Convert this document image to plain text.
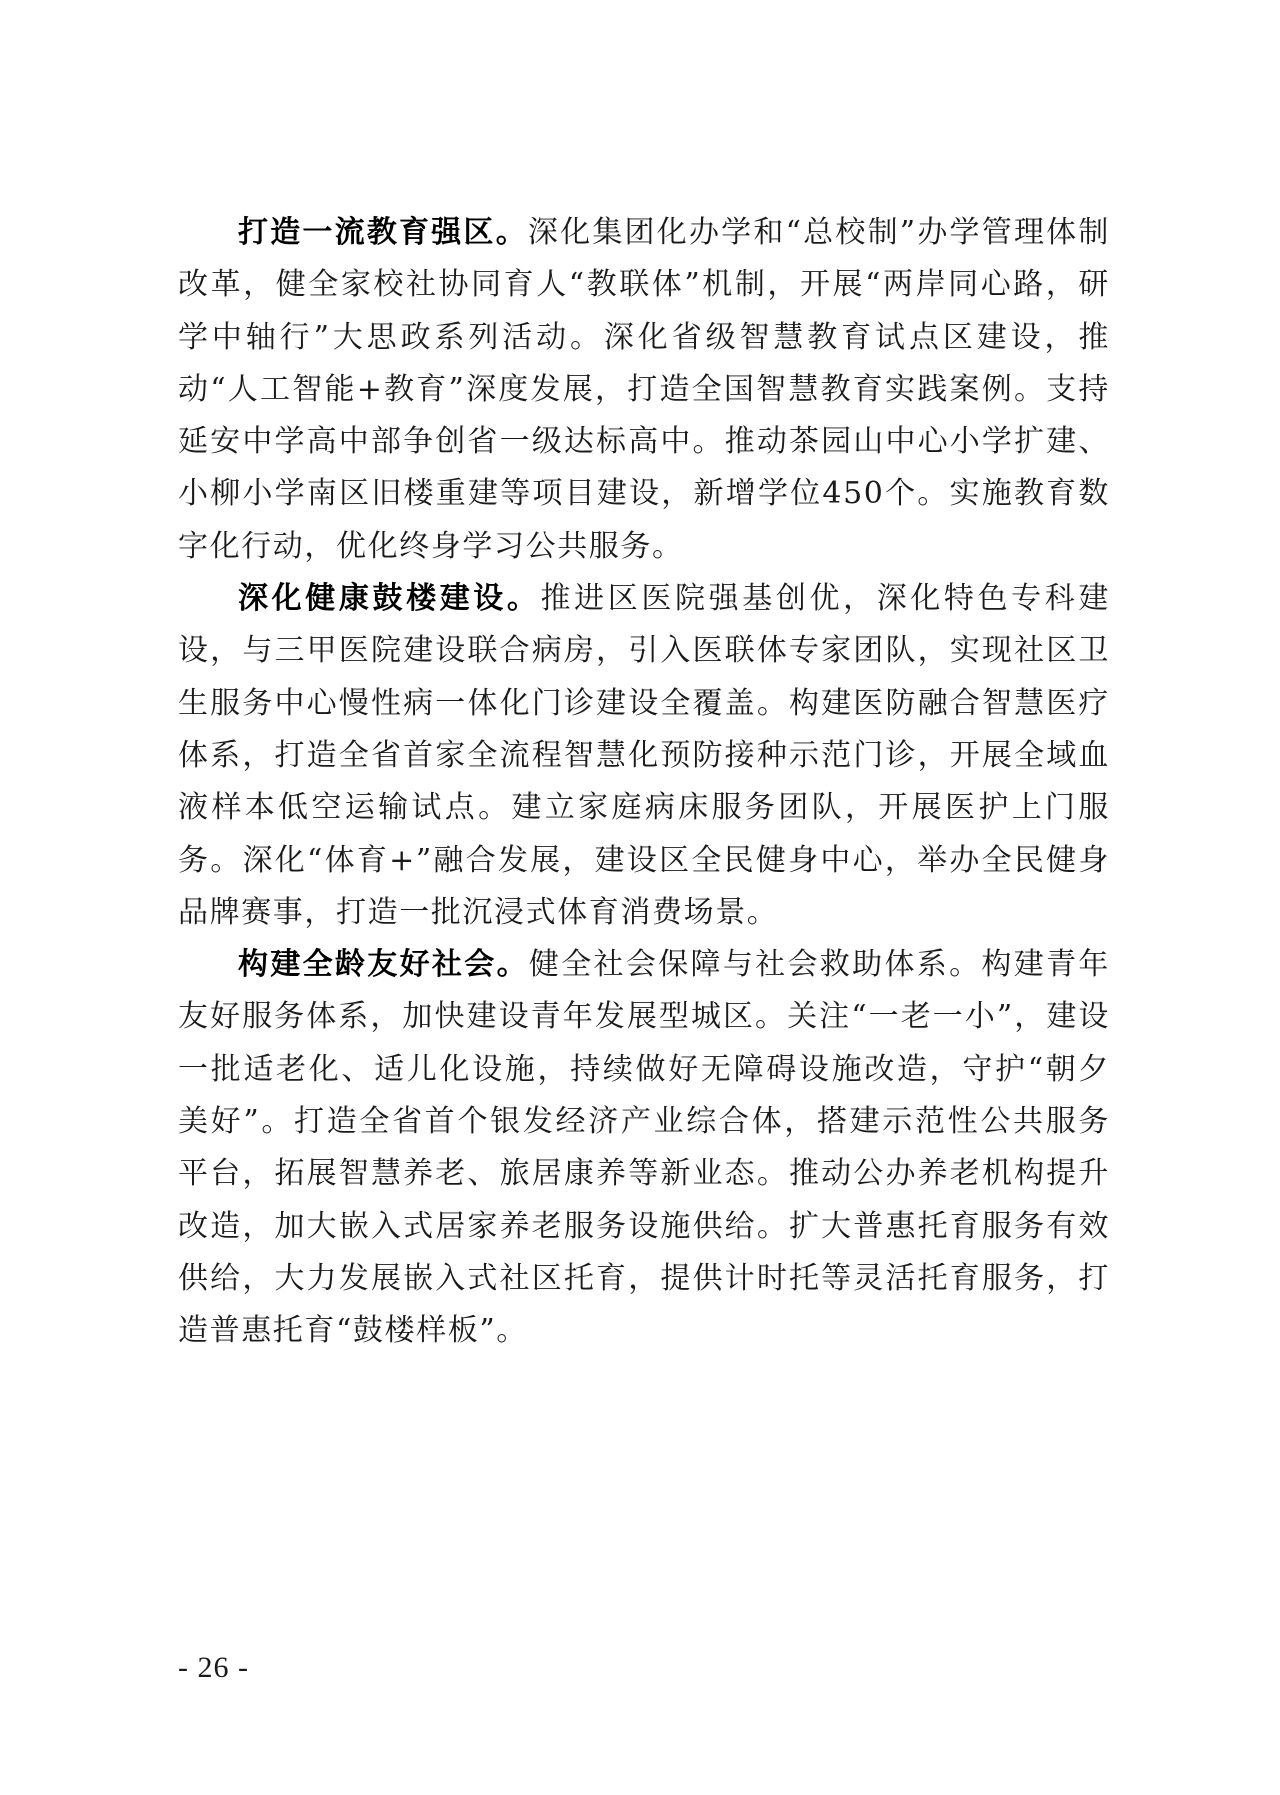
打造一流教育强区。深化集团化办学和“总校制”办学管理体制改革，健全家校社协同育人“教联体”机制，开展“两岸同心路，研学中轴行”大思政系列活动。深化省级智慧教育试点区建设，推动“人工智能+教育”深度发展，打造全国智慧教育实践案例。支持延安中学高中部争创省一级达标高中。推动茶园山中心小学扩建、小柳小学南区旧楼重建等项目建设，新增学位450个。实施教育数字化行动，优化终身学习公共服务。

深化健康鼓楼建设。推进区医院强基创优，深化特色专科建设，与三甲医院建设联合病房，引入医联体专家团队，实现社区卫生服务中心慢性病一体化门诊建设全覆盖。构建医防融合智慧医疗体系，打造全省首家全流程智慧化预防接种示范门诊，开展全域血液样本低空运输试点。建立家庭病床服务团队，开展医护上门服务。深化“体育+”融合发展，建设区全民健身中心，举办全民健身品牌赛事，打造一批沉浸式体育消费场景。

构建全龄友好社会。健全社会保障与社会救助体系。构建青年友好服务体系，加快建设青年发展型城区。关注“一老一小”，建设一批适老化、适儿化设施，持续做好无障碍设施改造，守护“朝夕美好”。打造全省首个银发经济产业综合体，搭建示范性公共服务平台，拓展智慧养老、旅居康养等新业态。推动公办养老机构提升改造，加大嵌入式居家养老服务设施供给。扩大普惠托育服务有效供给，大力发展嵌入式社区托育，提供计时托等灵活托育服务，打造普惠托育“鼓楼样板”。

- 26 -
